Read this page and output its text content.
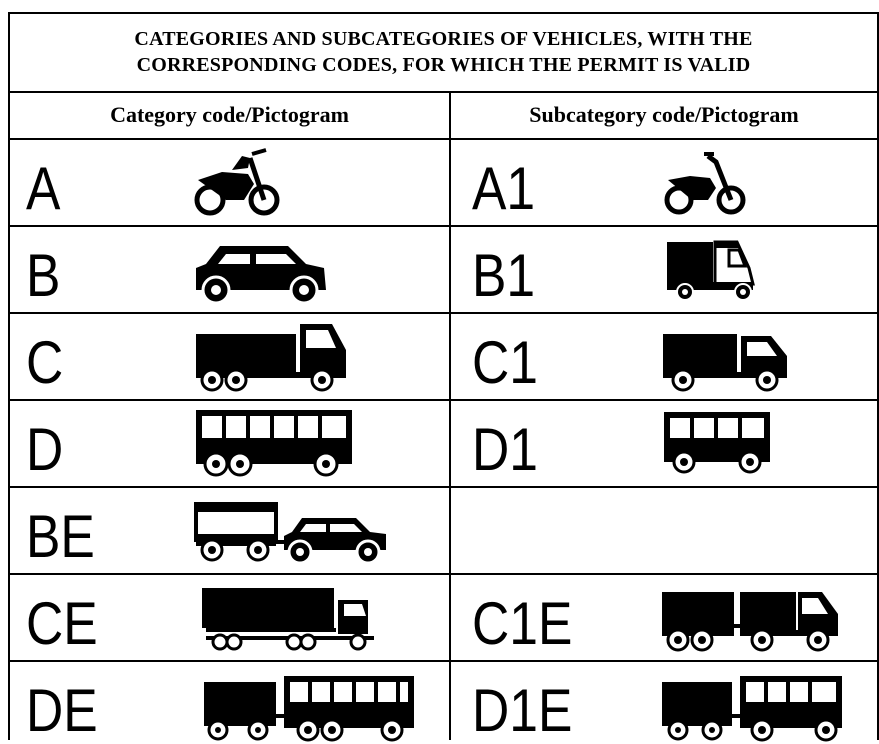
CATEGORIES AND SUBCATEGORIES OF VEHICLES, WITH THE
CORRESPONDING CODES, FOR WHICH THE PERMIT IS VALID
Category code/Pictogram	Subcategory code/Pictogram
A
B
C
D
BE
CE
DE
A1
B1
C1
D1
C1E
D1E
